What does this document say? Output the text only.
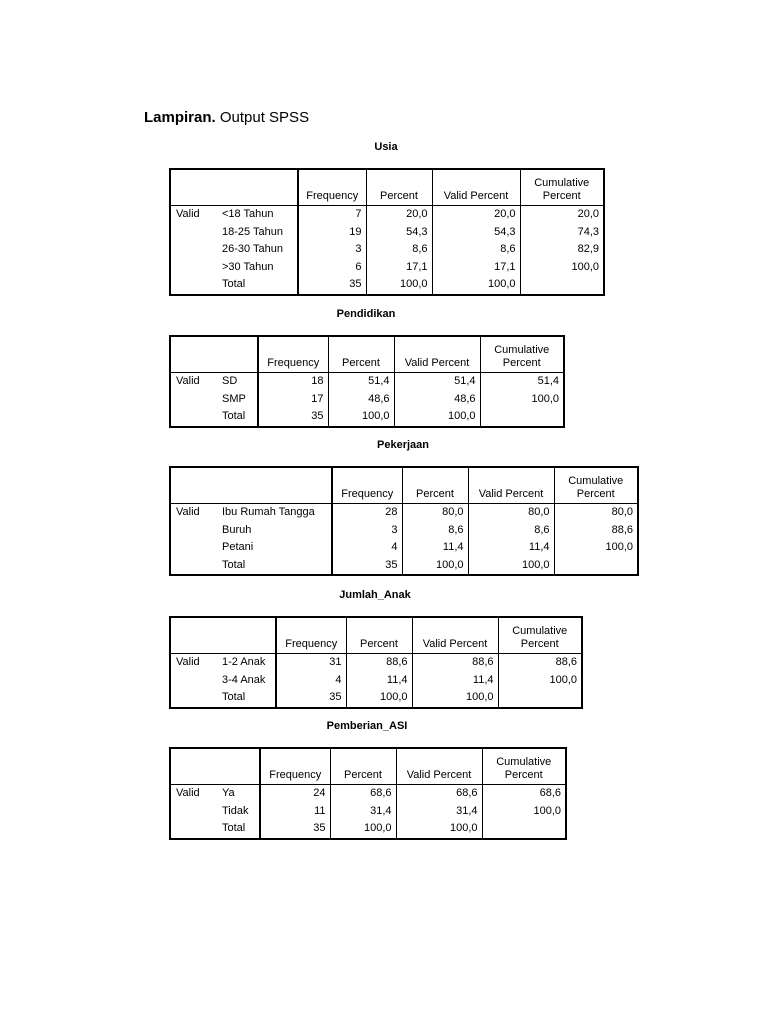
Lampiran. Output SPSS
Usia
		Frequency	Percent	Valid Percent	Cumulative
Percent
Valid	<18 Tahun	7	20,0	20,0	20,0
	18-25 Tahun	19	54,3	54,3	74,3
	26-30 Tahun	3	8,6	8,6	82,9
	>30 Tahun	6	17,1	17,1	100,0
	Total	35	100,0	100,0	
Pendidikan
		Frequency	Percent	Valid Percent	Cumulative
Percent
Valid	SD	18	51,4	51,4	51,4
	SMP	17	48,6	48,6	100,0
	Total	35	100,0	100,0	
Pekerjaan
		Frequency	Percent	Valid Percent	Cumulative
Percent
Valid	Ibu Rumah Tangga	28	80,0	80,0	80,0
	Buruh	3	8,6	8,6	88,6
	Petani	4	11,4	11,4	100,0
	Total	35	100,0	100,0	
Jumlah_Anak
		Frequency	Percent	Valid Percent	Cumulative
Percent
Valid	1-2 Anak	31	88,6	88,6	88,6
	3-4 Anak	4	11,4	11,4	100,0
	Total	35	100,0	100,0	
Pemberian_ASI
		Frequency	Percent	Valid Percent	Cumulative
Percent
Valid	Ya	24	68,6	68,6	68,6
	Tidak	11	31,4	31,4	100,0
	Total	35	100,0	100,0	
